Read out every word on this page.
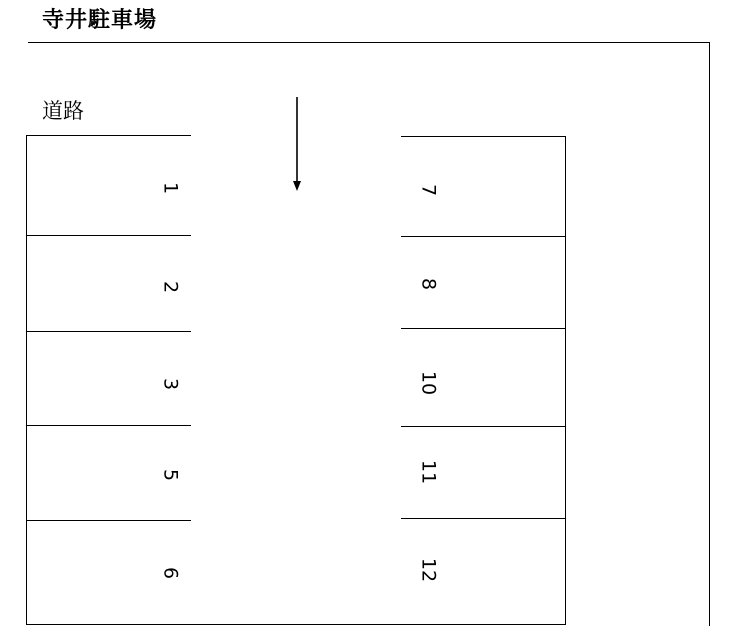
寺井駐車場
道路
1
2
3
5
6
7
8
10
11
12
